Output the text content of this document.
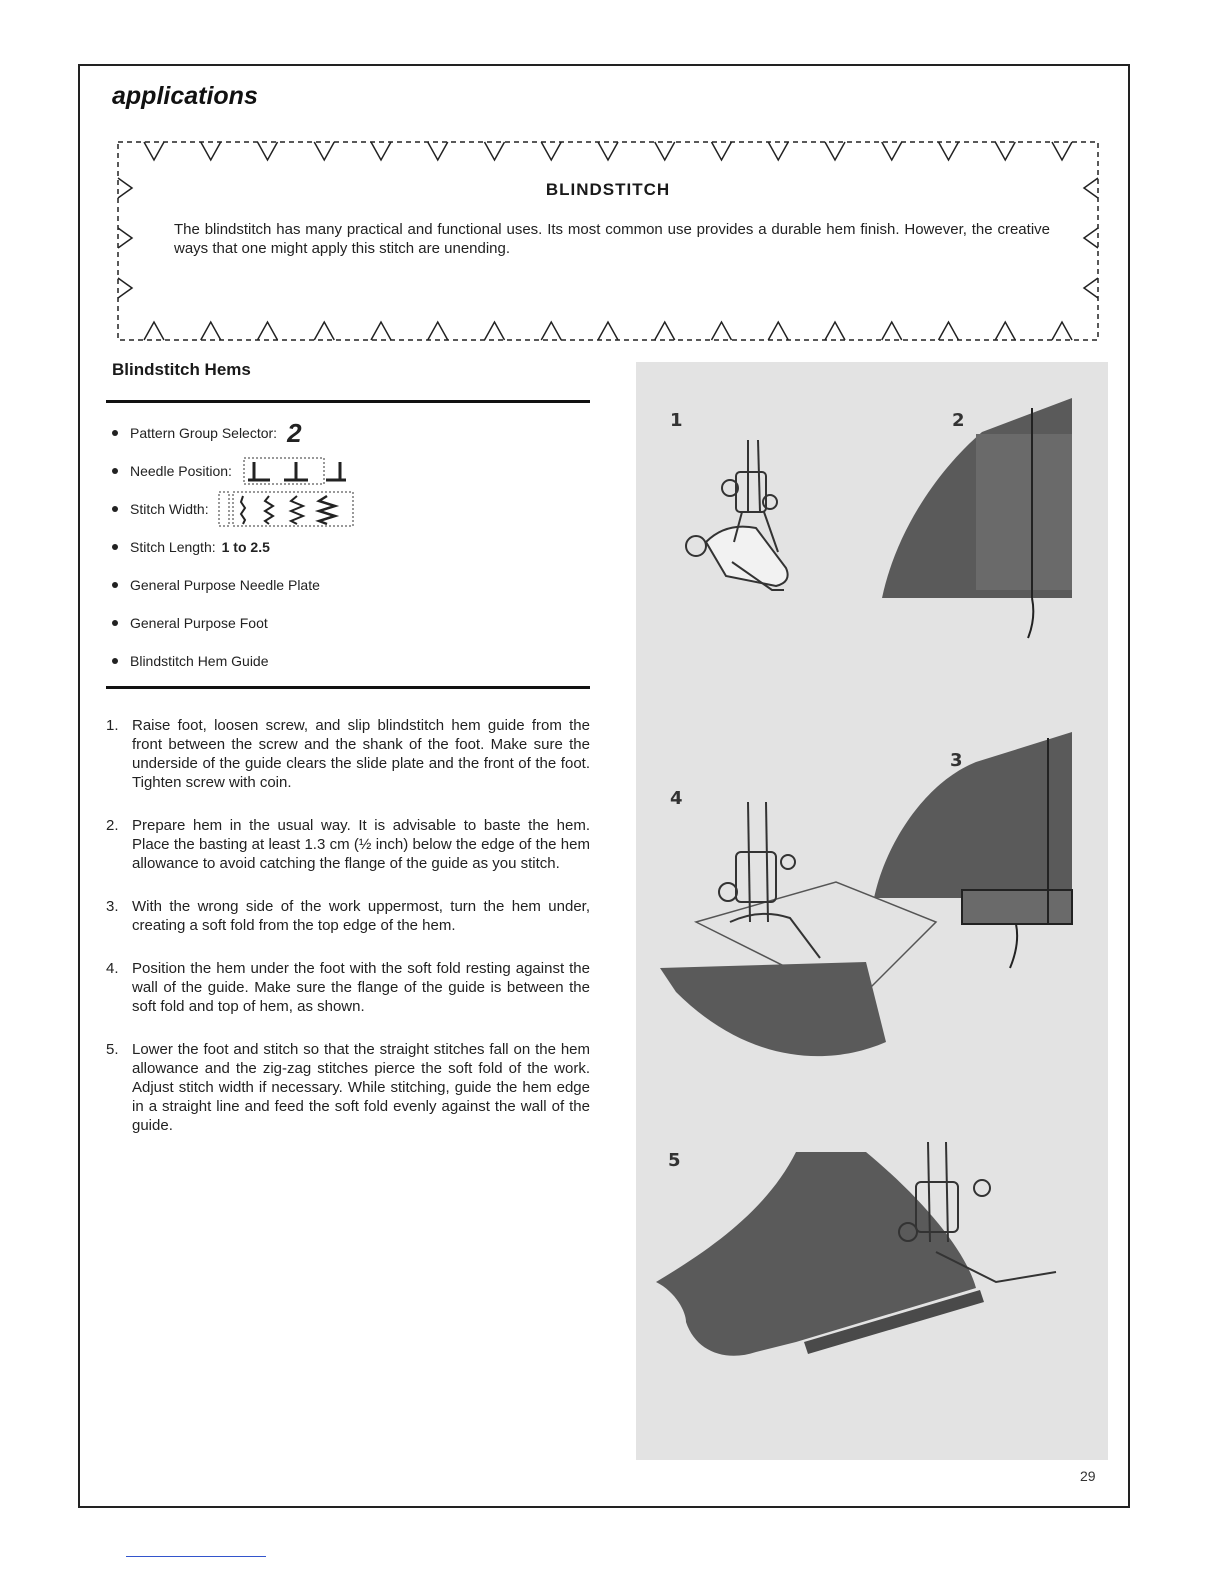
applications
BLINDSTITCH

The blindstitch has many practical and functional uses. Its most common use provides a durable hem finish. However, the creative ways that one might apply this stitch are unending.

Blindstitch Hems
Pattern Group Selector: 2
Needle Position:
Stitch Width:
Stitch Length: 1 to 2.5
General Purpose Needle Plate
General Purpose Foot
Blindstitch Hem Guide
1. Raise foot, loosen screw, and slip blindstitch hem guide from the front between the screw and the shank of the foot. Make sure the underside of the guide clears the slide plate and the front of the foot. Tighten screw with coin.
2. Prepare hem in the usual way. It is advisable to baste the hem. Place the basting at least 1.3 cm (½ inch) below the edge of the hem allowance to avoid catching the flange of the guide as you stitch.
3. With the wrong side of the work uppermost, turn the hem under, creating a soft fold from the top edge of the hem.
4. Position the hem under the foot with the soft fold resting against the wall of the guide. Make sure the flange of the guide is between the soft fold and top of hem, as shown.
5. Lower the foot and stitch so that the straight stitches fall on the hem allowance and the zig-zag stitches pierce the soft fold of the work. Adjust stitch width if necessary. While stitching, guide the hem edge in a straight line and feed the soft fold evenly against the wall of the guide.
1	2
3
4
5
29
